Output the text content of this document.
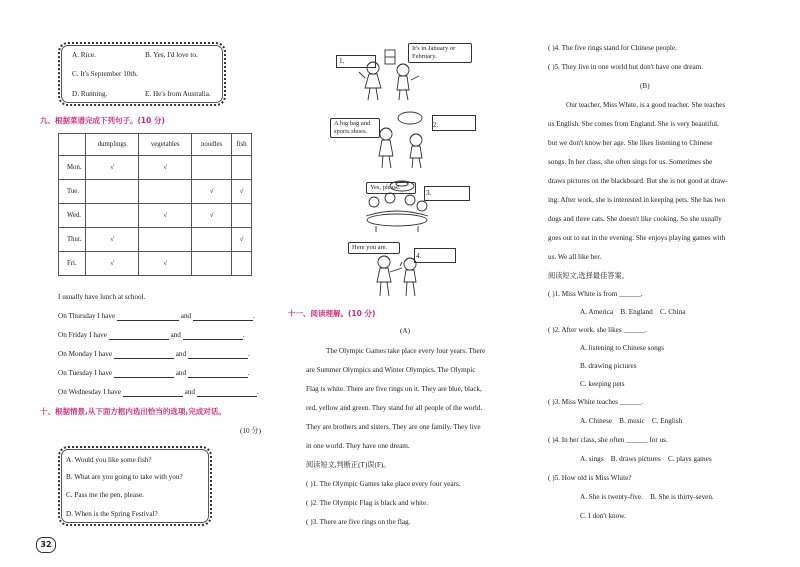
A. Rice.	B. Yes, I'd love to.
C. It's September 10th.
D. Running.	E. He's from Australia.
九、根据菜谱完成下列句子。(10 分)
	dumplings	vegetables	noodles	fish
Mon.	√	√		
Tue.			√	√
Wed.		√	√	
Thur.	√			√
Fri.	√	√		
I usually have lunch at school.
On Thursday I have	and	.
On Friday I have	and	.
On Monday I have	and	.
On Tuesday I have	and	.
On Wednesday I have	and	.
十、根据情景,从下面方框内选出恰当的选项,完成对话。
(10 分)
A. Would you like some fish?
B. What are you going to take with you?
C. Pass me the pen, please.
D. When is the Spring Festival?
32
1.
It's in January or February.
A big bag and sports shoes.
2.
Yes, please.
3.
Here you are.
4.
十一、阅读理解。(10 分)
(A)
The Olympic Games take place every four years. There
are Summer Olympics and Winter Olympics. The Olympic
Flag is white. There are five rings on it. They are blue, black,
red, yellow and green. They stand for all people of the world.
They are brothers and sisters. They are one family. They live
in one world. They have one dream.
阅读短文,判断正(T)误(F)。
( )1. The Olympic Games take place every four years.
( )2. The Olympic Flag is black and white.
( )3. There are five rings on the flag.
( )4. The five rings stand for Chinese people.
( )5. They live in one world but don't have one dream.
(B)
Our teacher, Miss White, is a good teacher. She teaches
us English. She comes from England. She is very beautiful,
but we don't know her age. She likes listening to Chinese
songs. In her class, she often sings for us. Sometimes she
draws pictures on the blackboard. But she is not good at draw-
ing. After work, she is interested in keeping pets. She has two
dogs and three cats. She doesn't like cooking. So she usually
goes out to eat in the evening. She enjoys playing games with
us. We all like her.
阅读短文,选择最佳答案。
( )1. Miss White is from ______.
A. America    B. England    C. China
( )2. After work, she likes ______.
A. listening to Chinese songs
B. drawing pictures
C. keeping pets
( )3. Miss White teaches ______.
A. Chinese    B. music    C. English
( )4. In her class, she often ______ for us.
A. sings    B. draws pictures    C. plays games
( )5. How old is Miss White?
A. She is twenty-five.    B. She is thirty-seven.
C. I don't know.
